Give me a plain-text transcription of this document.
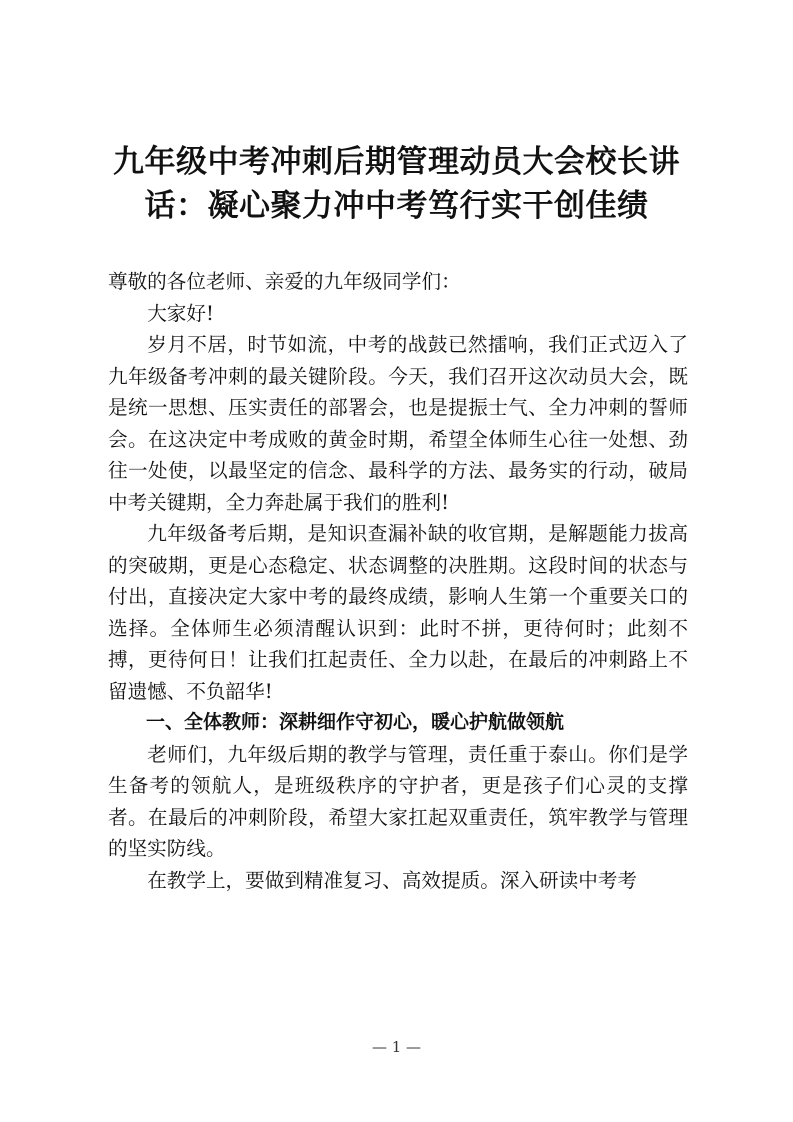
九年级中考冲刺后期管理动员大会校长讲话：凝心聚力冲中考笃行实干创佳绩

尊敬的各位老师、亲爱的九年级同学们：

大家好!

岁月不居，时节如流，中考的战鼓已然擂响，我们正式迈入了九年级备考冲刺的最关键阶段。今天，我们召开这次动员大会，既是统一思想、压实责任的部署会，也是提振士气、全力冲刺的誓师会。在这决定中考成败的黄金时期，希望全体师生心往一处想、劲往一处使，以最坚定的信念、最科学的方法、最务实的行动，破局中考关键期，全力奔赴属于我们的胜利!

九年级备考后期，是知识查漏补缺的收官期，是解题能力拔高的突破期，更是心态稳定、状态调整的决胜期。这段时间的状态与付出，直接决定大家中考的最终成绩，影响人生第一个重要关口的选择。全体师生必须清醒认识到：此时不拼，更待何时；此刻不搏，更待何日！让我们扛起责任、全力以赴，在最后的冲刺路上不留遗憾、不负韶华!

一、全体教师：深耕细作守初心，暖心护航做领航

老师们，九年级后期的教学与管理，责任重于泰山。你们是学生备考的领航人，是班级秩序的守护者，更是孩子们心灵的支撑者。在最后的冲刺阶段，希望大家扛起双重责任，筑牢教学与管理的坚实防线。

在教学上，要做到精准复习、高效提质。深入研读中考考

— 1 —
